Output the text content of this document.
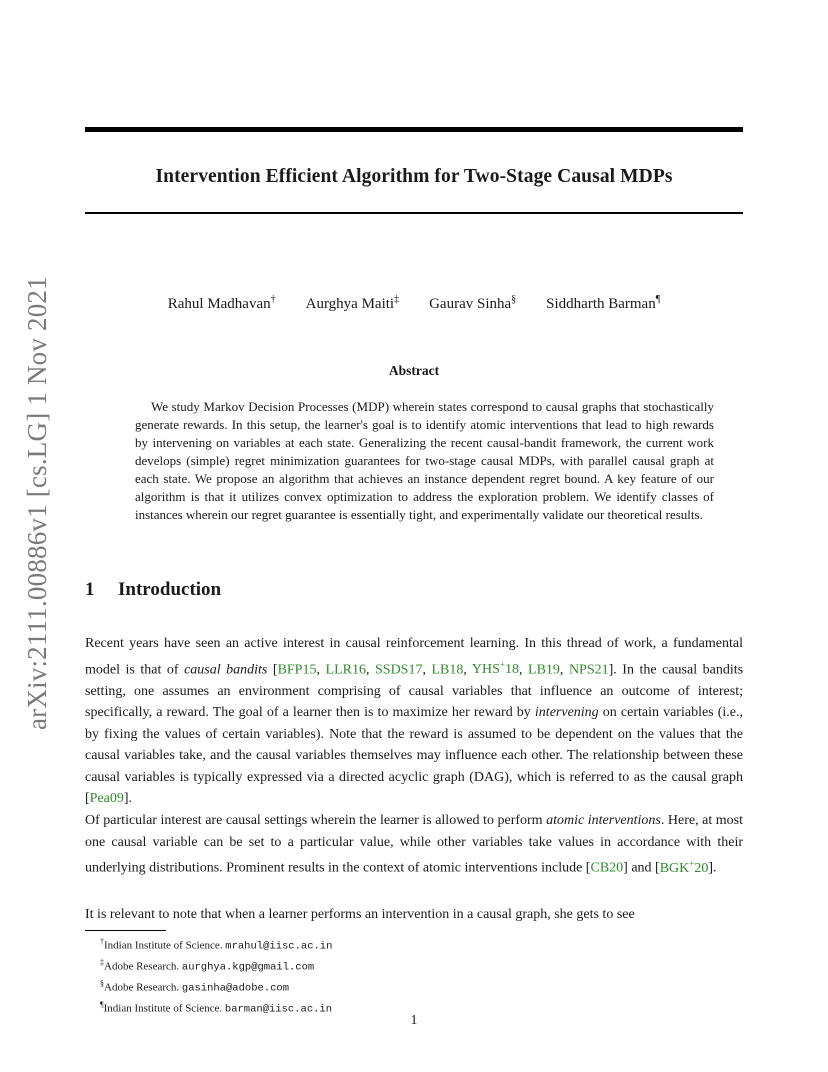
arXiv:2111.00886v1 [cs.LG] 1 Nov 2021
Intervention Efficient Algorithm for Two-Stage Causal MDPs
Rahul Madhavan† Aurghya Maiti‡ Gaurav Sinha§ Siddharth Barman¶
Abstract

We study Markov Decision Processes (MDP) wherein states correspond to causal graphs that stochastically generate rewards. In this setup, the learner's goal is to identify atomic interventions that lead to high rewards by intervening on variables at each state. Generalizing the recent causal-bandit framework, the current work develops (simple) regret minimization guarantees for two-stage causal MDPs, with parallel causal graph at each state. We propose an algorithm that achieves an instance dependent regret bound. A key feature of our algorithm is that it utilizes convex optimization to address the exploration problem. We identify classes of instances wherein our regret guarantee is essentially tight, and experimentally validate our theoretical results.

1 Introduction

Recent years have seen an active interest in causal reinforcement learning. In this thread of work, a fundamental model is that of causal bandits [BFP15, LLR16, SSDS17, LB18, YHS+18, LB19, NPS21]. In the causal bandits setting, one assumes an environment comprising of causal variables that influence an outcome of interest; specifically, a reward. The goal of a learner then is to maximize her reward by intervening on certain variables (i.e., by fixing the values of certain variables). Note that the reward is assumed to be dependent on the values that the causal variables take, and the causal variables themselves may influence each other. The relationship between these causal variables is typically expressed via a directed acyclic graph (DAG), which is referred to as the causal graph [Pea09].

Of particular interest are causal settings wherein the learner is allowed to perform atomic interventions. Here, at most one causal variable can be set to a particular value, while other variables take values in accordance with their underlying distributions. Prominent results in the context of atomic interventions include [CB20] and [BGK+20].

It is relevant to note that when a learner performs an intervention in a causal graph, she gets to see

†Indian Institute of Science. mrahul@iisc.ac.in
‡Adobe Research. aurghya.kgp@gmail.com
§Adobe Research. gasinha@adobe.com
¶Indian Institute of Science. barman@iisc.ac.in
1
